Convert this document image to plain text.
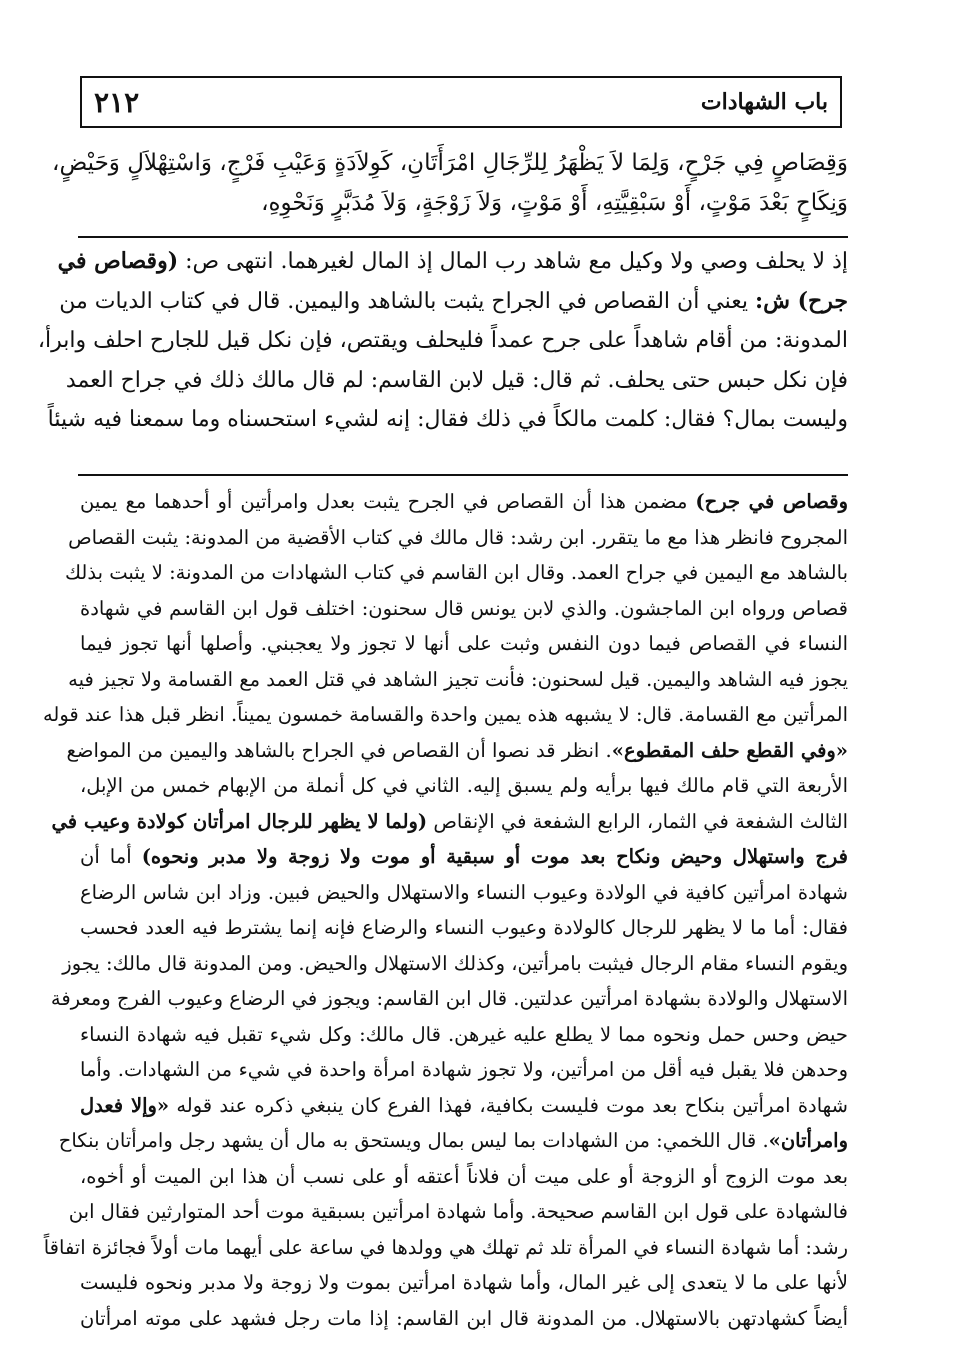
٢١٢	باب الشهادات
وَقِصَاصٍ فِي جَرْحٍ، وَلِمَا لاَ يَظْهَرُ لِلرِّجَالِ امْرَأَتَانِ، كَوِلاَدَةٍ وَعَيْبِ فَرْجٍ، وَاسْتِهْلاَلٍ وَحَيْضٍ،
وَنِكَاحٍ بَعْدَ مَوْتٍ، أَوْ سَبْقِيَّتِهِ، أَوْ مَوْتٍ، وَلاَ زَوْجَةٍ، وَلاَ مُدَبَّرٍ وَنَحْوِهِ،
إذ لا يحلف وصي ولا وكيل مع شاهد رب المال إذ المال لغيرهما. انتهى ص: (وقصاص في
جرح) ش: يعني أن القصاص في الجراح يثبت بالشاهد واليمين. قال في كتاب الديات من
المدونة: من أقام شاهداً على جرح عمداً فليحلف ويقتص، فإن نكل قيل للجارح احلف وابرأ،
فإن نكل حبس حتى يحلف. ثم قال: قيل لابن القاسم: لم قال مالك ذلك في جراح العمد
وليست بمال؟ فقال: كلمت مالكاً في ذلك فقال: إنه لشيء استحسناه وما سمعنا فيه شيئاً
وقصاص في جرح) مضمن هذا أن القصاص في الجرح يثبت بعدل وامرأتين أو أحدهما مع يمين
المجروح فانظر هذا مع ما يتقرر. ابن رشد: قال مالك في كتاب الأقضية من المدونة: يثبت القصاص
بالشاهد مع اليمين في جراح العمد. وقال ابن القاسم في كتاب الشهادات من المدونة: لا يثبت بذلك
قصاص ورواه ابن الماجشون. والذي لابن يونس قال سحنون: اختلف قول ابن القاسم في شهادة
النساء في القصاص فيما دون النفس وثبت على أنها لا تجوز ولا يعجبني. وأصلها أنها تجوز فيما
يجوز فيه الشاهد واليمين. قيل لسحنون: فأنت تجيز الشاهد في قتل العمد مع القسامة ولا تجيز فيه
المرأتين مع القسامة. قال: لا يشبهه هذه يمين واحدة والقسامة خمسون يميناً. انظر قبل هذا عند قوله
«وفي القطع حلف المقطوع». انظر قد نصوا أن القصاص في الجراح بالشاهد واليمين من المواضع
الأربعة التي قام مالك فيها برأيه ولم يسبق إليه. الثاني في كل أنملة من الإبهام خمس من الإبل،
الثالث الشفعة في الثمار، الرابع الشفعة في الإنقاص (ولما لا يظهر للرجال امرأتان كولادة وعيب في
فرج واستهلال وحيض ونكاح بعد موت أو سبقية أو موت ولا زوجة ولا مدبر ونحوه) أما أن
شهادة امرأتين كافية في الولادة وعيوب النساء والاستهلال والحيض فبين. وزاد ابن شاس الرضاع
فقال: أما ما لا يظهر للرجال كالولادة وعيوب النساء والرضاع فإنه إنما يشترط فيه العدد فحسب
ويقوم النساء مقام الرجال فيثبت بامرأتين، وكذلك الاستهلال والحيض. ومن المدونة قال مالك: يجوز
الاستهلال والولادة بشهادة امرأتين عدلتين. قال ابن القاسم: ويجوز في الرضاع وعيوب الفرج ومعرفة
حيض وحس حمل ونحوه مما لا يطلع عليه غيرهن. قال مالك: وكل شيء تقبل فيه شهادة النساء
وحدهن فلا يقبل فيه أقل من امرأتين، ولا تجوز شهادة امرأة واحدة في شيء من الشهادات. وأما
شهادة امرأتين بنكاح بعد موت فليست بكافية، فهذا الفرع كان ينبغي ذكره عند قوله «وإلا فعدل
وامرأتان». قال اللخمي: من الشهادات بما ليس بمال ويستحق به مال أن يشهد رجل وامرأتان بنكاح
بعد موت الزوج أو الزوجة أو على ميت أن فلاناً أعتقه أو على نسب أن هذا ابن الميت أو أخوه،
فالشهادة على قول ابن القاسم صحيحة. وأما شهادة امرأتين بسبقية موت أحد المتوارثين فقال ابن
رشد: أما شهادة النساء في المرأة تلد ثم تهلك هي وولدها في ساعة على أيهما مات أولاً فجائزة اتفاقاً
لأنها على ما لا يتعدى إلى غير المال، وأما شهادة امرأتين بموت ولا زوجة ولا مدبر ونحوه فليست
أيضاً كشهادتهن بالاستهلال. من المدونة قال ابن القاسم: إذا مات رجل فشهد على موته امرأتان
